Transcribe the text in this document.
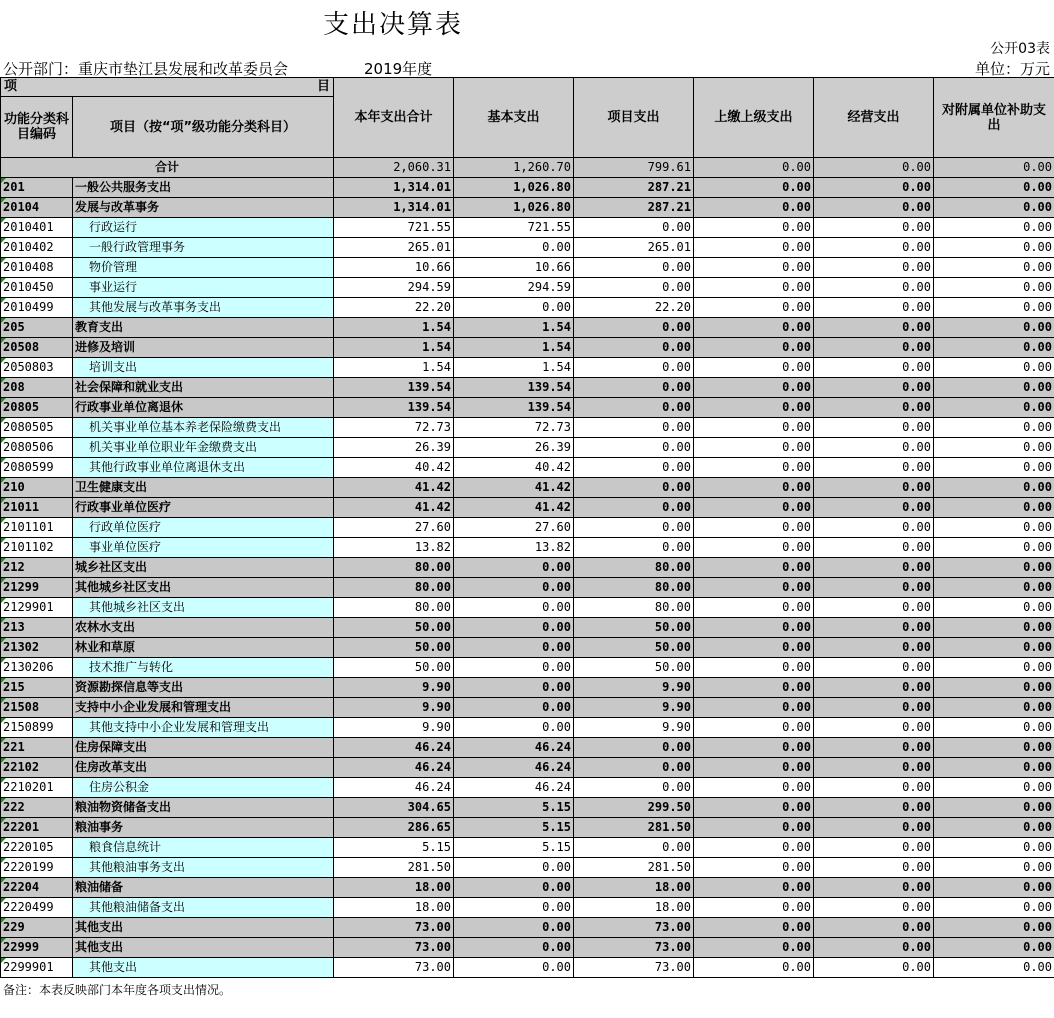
支出决算表
公开03表
公开部门：重庆市垫江县发展和改革委员会	2019年度	单位：万元
项 目		本年支出合计	基本支出	项目支出	上缴上级支出	经营支出	对附属单位补助支出
功能分类科目编码	项目（按“项”级功能分类科目）						
合计		2,060.31	1,260.70	799.61	0.00	0.00	0.00
201	一般公共服务支出	1,314.01	1,026.80	287.21	0.00	0.00	0.00
20104	发展与改革事务	1,314.01	1,026.80	287.21	0.00	0.00	0.00
2010401	行政运行	721.55	721.55	0.00	0.00	0.00	0.00
2010402	一般行政管理事务	265.01	0.00	265.01	0.00	0.00	0.00
2010408	物价管理	10.66	10.66	0.00	0.00	0.00	0.00
2010450	事业运行	294.59	294.59	0.00	0.00	0.00	0.00
2010499	其他发展与改革事务支出	22.20	0.00	22.20	0.00	0.00	0.00
205	教育支出	1.54	1.54	0.00	0.00	0.00	0.00
20508	进修及培训	1.54	1.54	0.00	0.00	0.00	0.00
2050803	培训支出	1.54	1.54	0.00	0.00	0.00	0.00
208	社会保障和就业支出	139.54	139.54	0.00	0.00	0.00	0.00
20805	行政事业单位离退休	139.54	139.54	0.00	0.00	0.00	0.00
2080505	机关事业单位基本养老保险缴费支出	72.73	72.73	0.00	0.00	0.00	0.00
2080506	机关事业单位职业年金缴费支出	26.39	26.39	0.00	0.00	0.00	0.00
2080599	其他行政事业单位离退休支出	40.42	40.42	0.00	0.00	0.00	0.00
210	卫生健康支出	41.42	41.42	0.00	0.00	0.00	0.00
21011	行政事业单位医疗	41.42	41.42	0.00	0.00	0.00	0.00
2101101	行政单位医疗	27.60	27.60	0.00	0.00	0.00	0.00
2101102	事业单位医疗	13.82	13.82	0.00	0.00	0.00	0.00
212	城乡社区支出	80.00	0.00	80.00	0.00	0.00	0.00
21299	其他城乡社区支出	80.00	0.00	80.00	0.00	0.00	0.00
2129901	其他城乡社区支出	80.00	0.00	80.00	0.00	0.00	0.00
213	农林水支出	50.00	0.00	50.00	0.00	0.00	0.00
21302	林业和草原	50.00	0.00	50.00	0.00	0.00	0.00
2130206	技术推广与转化	50.00	0.00	50.00	0.00	0.00	0.00
215	资源勘探信息等支出	9.90	0.00	9.90	0.00	0.00	0.00
21508	支持中小企业发展和管理支出	9.90	0.00	9.90	0.00	0.00	0.00
2150899	其他支持中小企业发展和管理支出	9.90	0.00	9.90	0.00	0.00	0.00
221	住房保障支出	46.24	46.24	0.00	0.00	0.00	0.00
22102	住房改革支出	46.24	46.24	0.00	0.00	0.00	0.00
2210201	住房公积金	46.24	46.24	0.00	0.00	0.00	0.00
222	粮油物资储备支出	304.65	5.15	299.50	0.00	0.00	0.00
22201	粮油事务	286.65	5.15	281.50	0.00	0.00	0.00
2220105	粮食信息统计	5.15	5.15	0.00	0.00	0.00	0.00
2220199	其他粮油事务支出	281.50	0.00	281.50	0.00	0.00	0.00
22204	粮油储备	18.00	0.00	18.00	0.00	0.00	0.00
2220499	其他粮油储备支出	18.00	0.00	18.00	0.00	0.00	0.00
229	其他支出	73.00	0.00	73.00	0.00	0.00	0.00
22999	其他支出	73.00	0.00	73.00	0.00	0.00	0.00
2299901	其他支出	73.00	0.00	73.00	0.00	0.00	0.00
备注：本表反映部门本年度各项支出情况。
